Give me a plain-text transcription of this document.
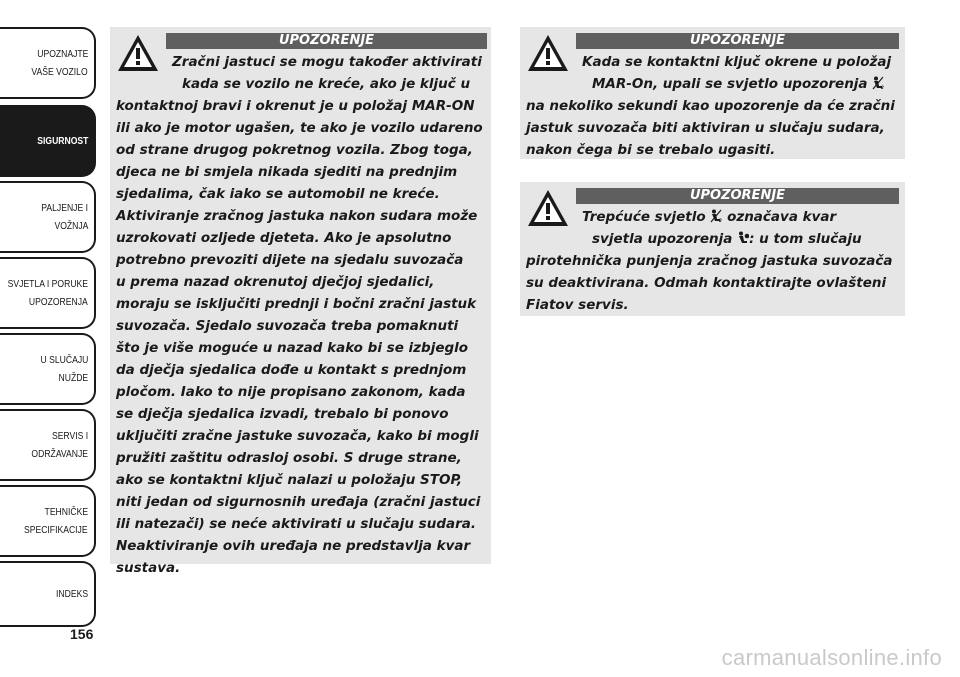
UPOZNAJTE
VAŠE VOZILO
SIGURNOST
PALJENJE I
VOŽNJA
SVJETLA I PORUKE
UPOZORENJA
U SLUČAJU
NUŽDE
SERVIS I
ODRŽAVANJE
TEHNIČKE
SPECIFIKACIJE
INDEKS
156
UPOZORENJE

Zračni jastuci se mogu također aktivirati

kada se vozilo ne kreće, ako je ključ u

kontaktnoj bravi i okrenut je u položaj MAR-ON

ili ako je motor ugašen, te ako je vozilo udareno

od strane drugog pokretnog vozila. Zbog toga,

djeca ne bi smjela nikada sjediti na prednjim

sjedalima, čak iako se automobil ne kreće.

Aktiviranje zračnog jastuka nakon sudara može

uzrokovati ozljede djeteta. Ako je apsolutno

potrebno prevoziti dijete na sjedalu suvozača

u prema nazad okrenutoj dječjoj sjedalici,

moraju se isključiti prednji i bočni zračni jastuk

suvozača. Sjedalo suvozača treba pomaknuti

što je više moguće u nazad kako bi se izbjeglo

da dječja sjedalica dođe u kontakt s prednjom

pločom. Iako to nije propisano zakonom, kada

se dječja sjedalica izvadi, trebalo bi ponovo

uključiti zračne jastuke suvozača, kako bi mogli

pružiti zaštitu odrasloj osobi. S druge strane,

ako se kontaktni ključ nalazi u položaju STOP,

niti jedan od sigurnosnih uređaja (zračni jastuci

ili natezači) se neće aktivirati u slučaju sudara.

Neaktiviranje ovih uređaja ne predstavlja kvar

sustava.

UPOZORENJE

Kada se kontaktni ključ okrene u položaj

MAR-On, upali se svjetlo upozorenja	2

na nekoliko sekundi kao upozorenje da će zračni

jastuk suvozača biti aktiviran u slučaju sudara,

nakon čega bi se trebalo ugasiti.

UPOZORENJE

Trepćuće svjetlo	2 označava kvar

svjetla upozorenja : u tom slučaju

pirotehnička punjenja zračnog jastuka suvozača

su deaktivirana. Odmah kontaktirajte ovlašteni

Fiatov servis.

carmanualsonline.info
